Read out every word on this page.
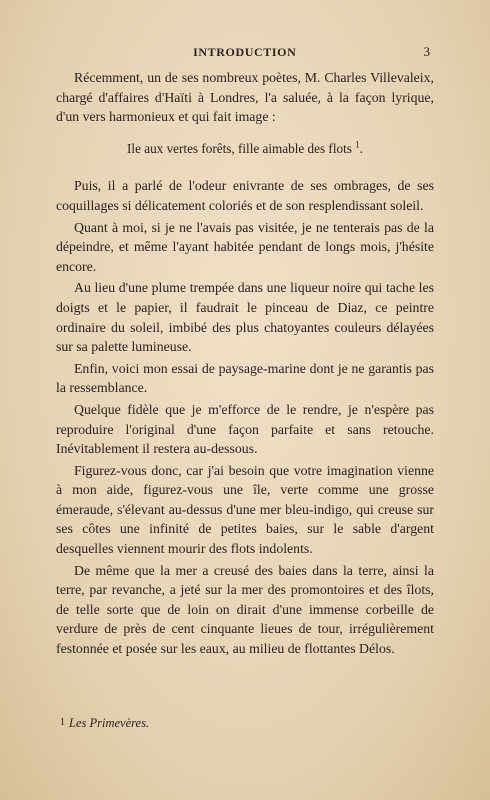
INTRODUCTION	3

Récemment, un de ses nombreux poètes, M. Charles Villevaleix, chargé d'affaires d'Haïti à Londres, l'a saluée, à la façon lyrique, d'un vers harmonieux et qui fait image :

Ile aux vertes forêts, fille aimable des flots $^1$.

Puis, il a parlé de l'odeur enivrante de ses ombrages, de ses coquillages si délicatement coloriés et de son resplendissant soleil.

Quant à moi, si je ne l'avais pas visitée, je ne tenterais pas de la dépeindre, et même l'ayant habitée pendant de longs mois, j'hésite encore.

Au lieu d'une plume trempée dans une liqueur noire qui tache les doigts et le papier, il faudrait le pinceau de Diaz, ce peintre ordinaire du soleil, imbibé des plus chatoyantes couleurs délayées sur sa palette lumineuse.

Enfin, voici mon essai de paysage-marine dont je ne garantis pas la ressemblance.

Quelque fidèle que je m'efforce de le rendre, je n'espère pas reproduire l'original d'une façon parfaite et sans retouche. Inévitablement il restera au-dessous.

Figurez-vous donc, car j'ai besoin que votre imagination vienne à mon aide, figurez-vous une île, verte comme une grosse émeraude, s'élevant au-dessus d'une mer bleu-indigo, qui creuse sur ses côtes une infinité de petites baies, sur le sable d'argent desquelles viennent mourir des flots indolents.

De même que la mer a creusé des baies dans la terre, ainsi la terre, par revanche, a jeté sur la mer des promontoires et des îlots, de telle sorte que de loin on dirait d'une immense corbeille de verdure de près de cent cinquante lieues de tour, irrégulièrement festonnée et posée sur les eaux, au milieu de flottantes Délos.

1 Les Primevères.
